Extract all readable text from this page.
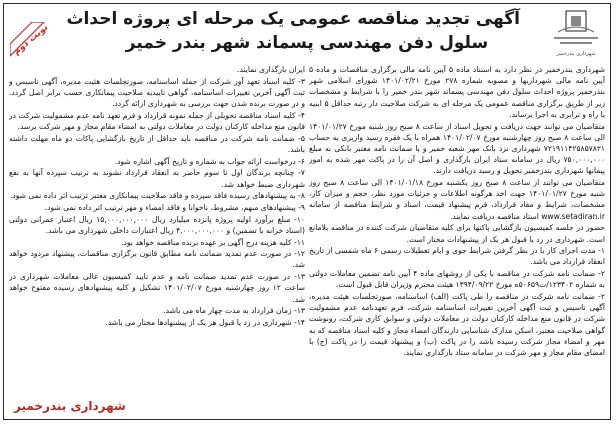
آگهی تجدید مناقصه عمومی یک مرحله ای پروژه احداث
سلول دفن مهندسی پسماند شهر بندر خمیر
شهرداری بندرخمیر
نوبت دوم

شهرداری بندرخمیر در نظر دارد به استناد ماده ۵ آیین نامه مالی برگزاری مناقصات و ماده ۵ آیین نامه مالی شهرداریها و مصوبه شماره ۲۷۸ مورخ ۱۴۰۱/۰۲/۲۱ شورای اسلامی شهر بندرخمیر پروژه احداث سلول دفن مهندسی پسماند شهر بندر خمیر را با شرایط و مشخصات زیر از طریق برگزاری مناقصه عمومی یک مرحله ای به شرکت صلاحیت دار رتبه حداقل ۵ ابنیه یا راه و ترابری به اجرا برساند.

متقاضیان می توانند جهت دریافت و تحویل اسناد از ساعت ۸ صبح روز شنبه مورخ ۱۴۰۱/۰۱/۲۷ الی ساعت ۸ صبح روز چهارشنبه مورخ ۱۴۰۱/۰۲/۰۷ همراه با یک فقره رسید واریزی به حساب ۷۲۱۹۱۱۴۲۵۸۵۷۸۲۱ شهرداری نزد بانک مهر شعبه خمیر و یا ضمانت نامه معتبر بانکی به مبلغ ۷۵۰,۰۰۰,۰۰۰ ریال در سامانه ستاد ایران بارگذاری و اصل آن را در پاکت مهر شده به امور پیمانها شهرداری بندرخمیر تحویل و رسید دریافت دارند.

متقاضیان می توانند از ساعت ۸ صبح روز یکشنبه مورخ ۱۴۰۱/۰۱/۱۸ الی ساعت ۸ صبح روز شنبه مورخ ۱۴۰۱/۰۱/۲۷ جهت اخذ هرگونه اطلاعات و جزئیات مورد نظر، حجم و میزان کار، مشخصات، شرایط و مفاد قرارداد، فرم پیشنهاد قیمت، اسناد و شرایط مناقصه از سامانه www.setadiran.ir استاد مناقصه دریافت نمایند.

حضور در جلسه کمیسیون بازگشایی پاکتها برای کلیه متقاضیان شرکت کننده در مناقصه بلامانع است. شهرداری در رد یا قبول هر یک از پیشنهادات مختار است.

۱- مدت اجرای کار با در نظر گرفتن شرایط جوی و ایام تعطیلات رسمی ۶ ماه شمسی از تاریخ انعقاد قرارداد می باشد.

۲- ضمانت نامه شرکت در مناقصه با یکی از روشهای ماده ۴ آیین نامه تضمین معاملات دولتی به شماره ۱۲۳۴۰۲/ت۵۰۶۵۹ه مورخ ۱۳۹۴/۰۹/۲۲ هیئت محترم وزیران قابل قبول است.

۲- ضمانت نامه شرکت در مناقصه را طی پاکت (الف) اساسنامه، صورتجلسات هیئت مدیره، آگهی تاسیس و ثبت آگهی آخرین تغییرات اساسنامه شرکت، فرم تعهدنامه عدم مشمولیت شرکت در قانون منع مداخله کارکنان دولت در معاملات دولتی و سوابق کاری شرکت، رونوشت گواهی صلاحیت معتبر، اسکن مدارک شناسایی دارندگان امضاء مجاز و کلیه اسناد مناقصه که به مهر و امضاء مجاز شرکت رسیده باشد را در پاکت (ب) و پیشنهاد قیمت را در پاکت (ج) با امضای مقام مجاز و مهر شرکت در سامانه ستاد بارگذاری نمایند.

ایران بارگذاری نمایند.

۳- کلیه اسناد تعهد آور شرکت از جمله اساسنامه، صورتجلسات هئیت مدیره، آگهی تاسیس و ثبت آگهی آخرین تغییرات اساسنامه، گواهی تاییدیه صلاحیت پیمانکاری حسب برابر اصل گردد. و در صورت برنده شدن جهت بررسی به شهرداری ارائه گردد.

۴- کلیه اسناد مناقصه تحویلی از جمله نمونه قرارداد و فرم تعهد نامه عدم مشمولیت شرکت در قانون منع مداخله کارکنان دولت در معاملات دولتی به امضاء مقام مجاز و مهر شرکت برسد.

۵- ضمانت نامه شرکت در مناقصه باید حداقل از تاریخ بازگشایی پاکات دو ماه مهلت داشته باشد.

۶- درخواست ارائه جواب به شماره و تاریخ آگهی اشاره شود.

۷- چنانچه برندگان اول تا سوم حاضر به انعقاد قرارداد نشوند به ترتیب سپرده آنها به نفع شهرداری ضبط خواهد شد.

۸- به پیشنهادهای رسیده فاقد سپرده و فاقد صلاحیت پیمانکاری معتبر ترتیب اثر داده نمی شود.

۹- پیشنهادهای مبهم، مشروط، ناخوانا و فاقد امضاء و مهر ترتیب اثر داده نمی شود.

۱۰- مبلغ برآورد اولیه پروژه پانزده میلیارد ریال ۱۵,۰۰۰,۰۰۰,۰۰۰ ریال اعتبار عمرانی دولتی (اسناد خزانه با تضمین) و ۴,۰۰۰,۰۰۰,۰۰۰ ریال اعتبارات داخلی شهرداری می باشد.

۱۱- کلیه هزینه درج آگهی بر عهده برنده مناقصه خواهد بود.

۱۲- در صورت عدم تمدید ضمانت نامه مطابق قانون برگزاری مناقصات، پیشنهاد مردود خواهد شد.

۱۳- در صورت عدم تمدید ضمانت نامه و عدم تایید کمیسیون عالی معاملات شهرداری در ساعت ۱۲ روز چهارشنبه مورخ ۱۴۰۱/۰۲/۰۷ تشکیل و کلیه پیشنهادهای رسیده مفتوح خواهد شد.

۱۳- زمان قرارداد به مدت چهار ماه می باشد.

۱۴- شهرداری در رد یا قبول هر یک از پیشنهادها مختار می باشد.

شهرداری بندرخمیر
